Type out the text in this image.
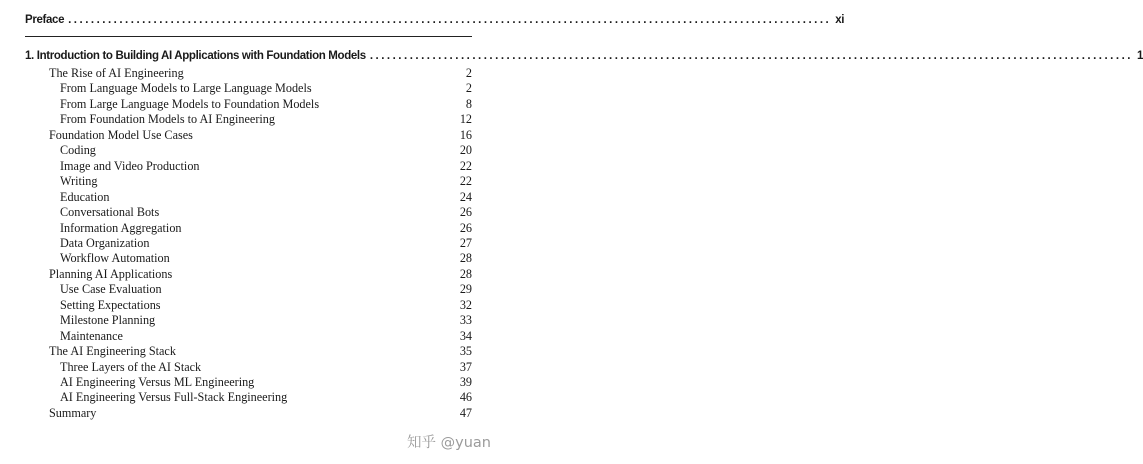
Preface ...................................................................................................................................... xi
1. Introduction to Building AI Applications with Foundation Models ...................................................................................................................................... 1
The Rise of AI Engineering	2
From Language Models to Large Language Models	2
From Large Language Models to Foundation Models	8
From Foundation Models to AI Engineering	12
Foundation Model Use Cases	16
Coding	20
Image and Video Production	22
Writing	22
Education	24
Conversational Bots	26
Information Aggregation	26
Data Organization	27
Workflow Automation	28
Planning AI Applications	28
Use Case Evaluation	29
Setting Expectations	32
Milestone Planning	33
Maintenance	34
The AI Engineering Stack	35
Three Layers of the AI Stack	37
AI Engineering Versus ML Engineering	39
AI Engineering Versus Full-Stack Engineering	46
Summary	47
知乎 @yuan
